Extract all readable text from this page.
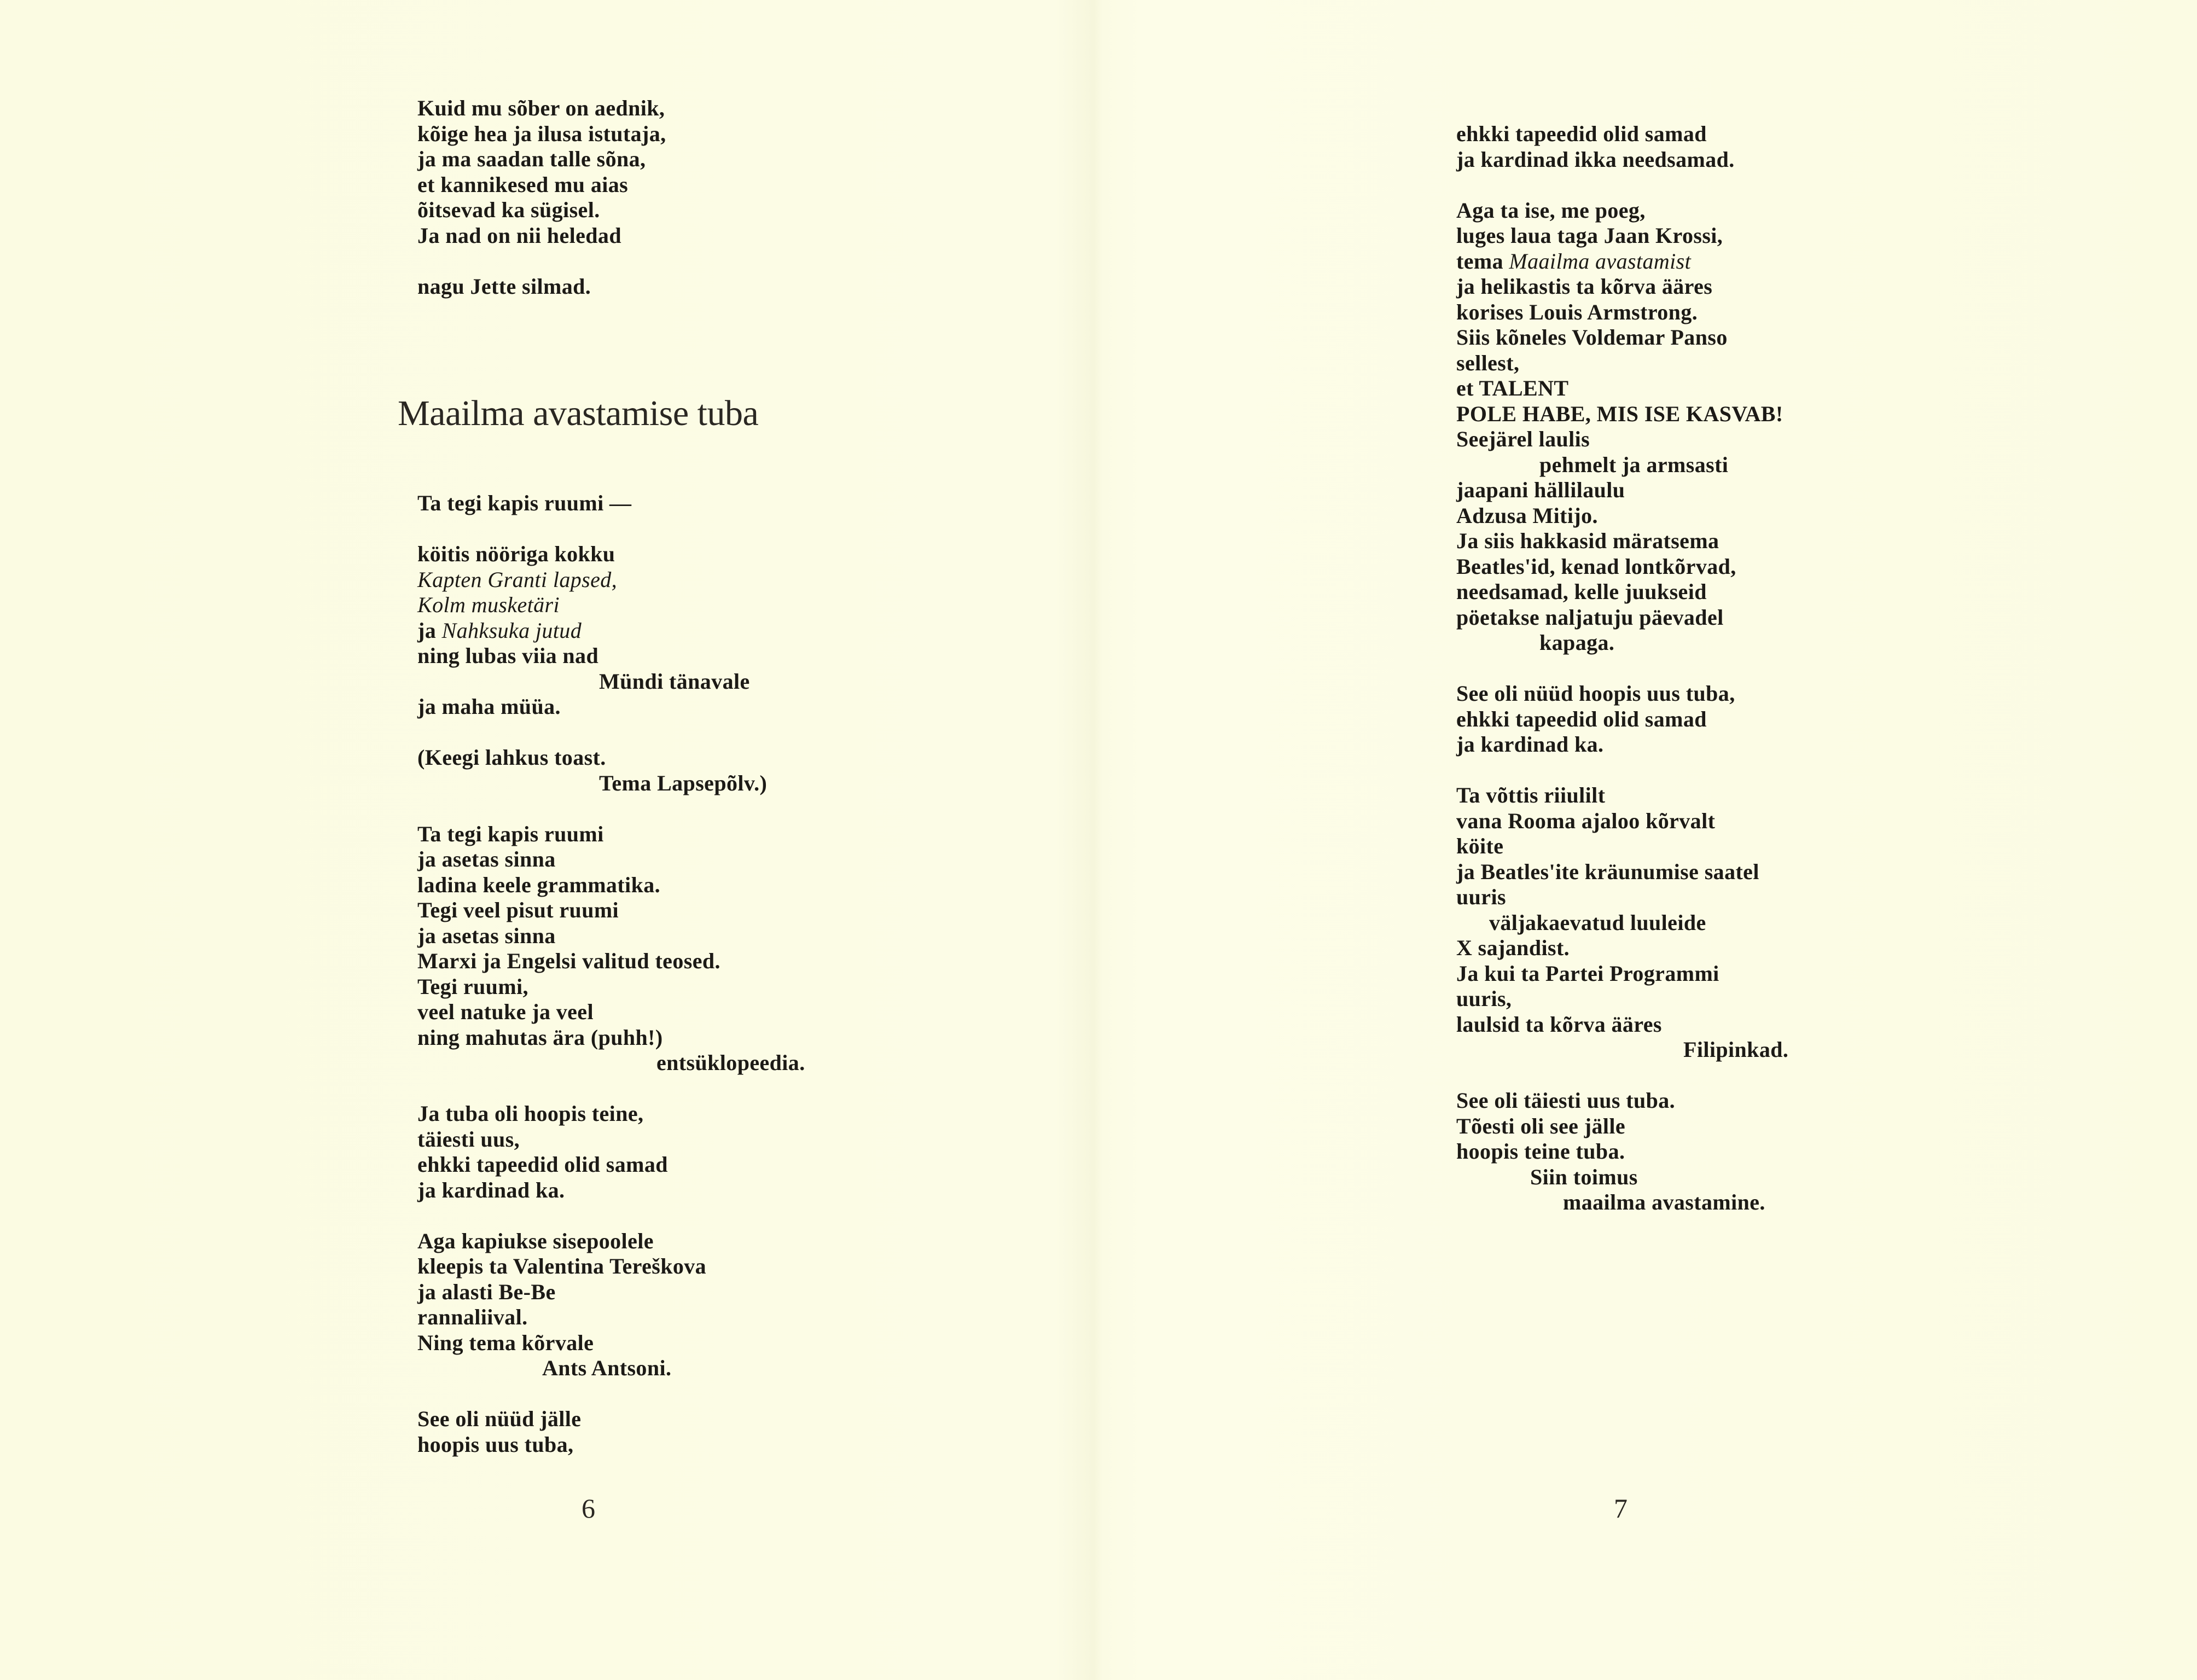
Kuid mu sõber on aednik,
kõige hea ja ilusa istutaja,
ja ma saadan talle sõna,
et kannikesed mu aias
õitsevad ka sügisel.
Ja nad on nii heledad
nagu Jette silmad.
Maailma avastamise tuba
Ta tegi kapis ruumi —
köitis nööriga kokku
Kapten Granti lapsed,
Kolm musketäri
ja Nahksuka jutud
ning lubas viia nad
Mündi tänavale
ja maha müüa.
(Keegi lahkus toast.
Tema Lapsepõlv.)
Ta tegi kapis ruumi
ja asetas sinna
ladina keele grammatika.
Tegi veel pisut ruumi
ja asetas sinna
Marxi ja Engelsi valitud teosed.
Tegi ruumi,
veel natuke ja veel
ning mahutas ära (puhh!)
entsüklopeedia.
Ja tuba oli hoopis teine,
täiesti uus,
ehkki tapeedid olid samad
ja kardinad ka.
Aga kapiukse sisepoolele
kleepis ta Valentina Tereškova
ja alasti Be-Be
rannaliival.
Ning tema kõrvale
Ants Antsoni.
See oli nüüd jälle
hoopis uus tuba,
6
ehkki tapeedid olid samad
ja kardinad ikka needsamad.
Aga ta ise, me poeg,
luges laua taga Jaan Krossi,
tema Maailma avastamist
ja helikastis ta kõrva ääres
korises Louis Armstrong.
Siis kõneles Voldemar Panso
sellest,
et TALENT
POLE HABE, MIS ISE KASVAB!
Seejärel laulis
pehmelt ja armsasti
jaapani hällilaulu
Adzusa Mitijo.
Ja siis hakkasid märatsema
Beatles'id, kenad lontkõrvad,
needsamad, kelle juukseid
pöetakse naljatuju päevadel
kapaga.
See oli nüüd hoopis uus tuba,
ehkki tapeedid olid samad
ja kardinad ka.
Ta võttis riiulilt
vana Rooma ajaloo kõrvalt
köite
ja Beatles'ite kräunumise saatel
uuris
väljakaevatud luuleide
X sajandist.
Ja kui ta Partei Programmi
uuris,
laulsid ta kõrva ääres
Filipinkad.
See oli täiesti uus tuba.
Tõesti oli see jälle
hoopis teine tuba.
Siin toimus
maailma avastamine.
7
